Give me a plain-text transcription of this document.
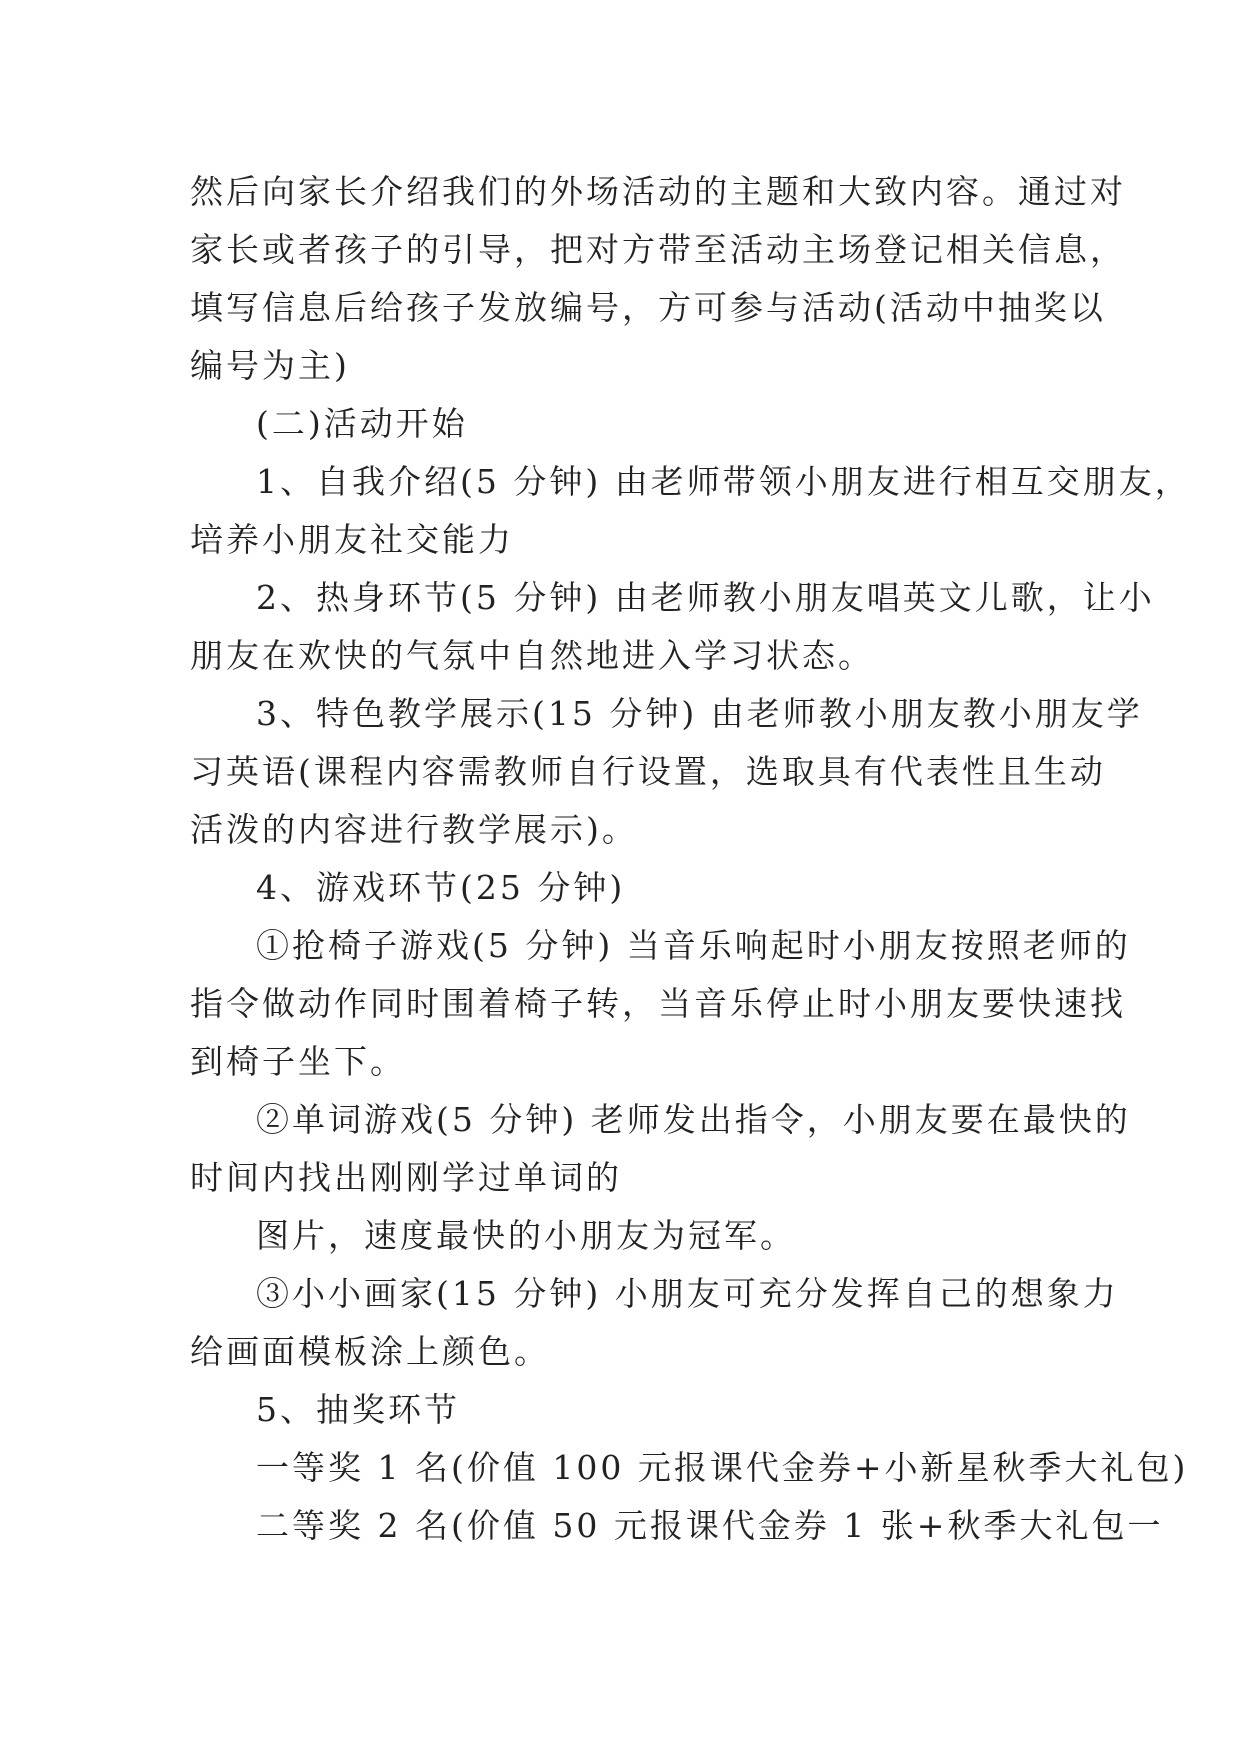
然后向家长介绍我们的外场活动的主题和大致内容。通过对
家长或者孩子的引导，把对方带至活动主场登记相关信息，
填写信息后给孩子发放编号，方可参与活动(活动中抽奖以
编号为主)
(二)活动开始
1、自我介绍(5 分钟) 由老师带领小朋友进行相互交朋友，
培养小朋友社交能力
2、热身环节(5 分钟) 由老师教小朋友唱英文儿歌，让小
朋友在欢快的气氛中自然地进入学习状态。
3、特色教学展示(15 分钟) 由老师教小朋友教小朋友学
习英语(课程内容需教师自行设置，选取具有代表性且生动
活泼的内容进行教学展示)。
4、游戏环节(25 分钟)
①抢椅子游戏(5 分钟) 当音乐响起时小朋友按照老师的
指令做动作同时围着椅子转，当音乐停止时小朋友要快速找
到椅子坐下。
②单词游戏(5 分钟) 老师发出指令，小朋友要在最快的
时间内找出刚刚学过单词的
图片，速度最快的小朋友为冠军。
③小小画家(15 分钟) 小朋友可充分发挥自己的想象力
给画面模板涂上颜色。
5、抽奖环节
一等奖 1 名(价值 100 元报课代金券+小新星秋季大礼包)
二等奖 2 名(价值 50 元报课代金券 1 张+秋季大礼包一
